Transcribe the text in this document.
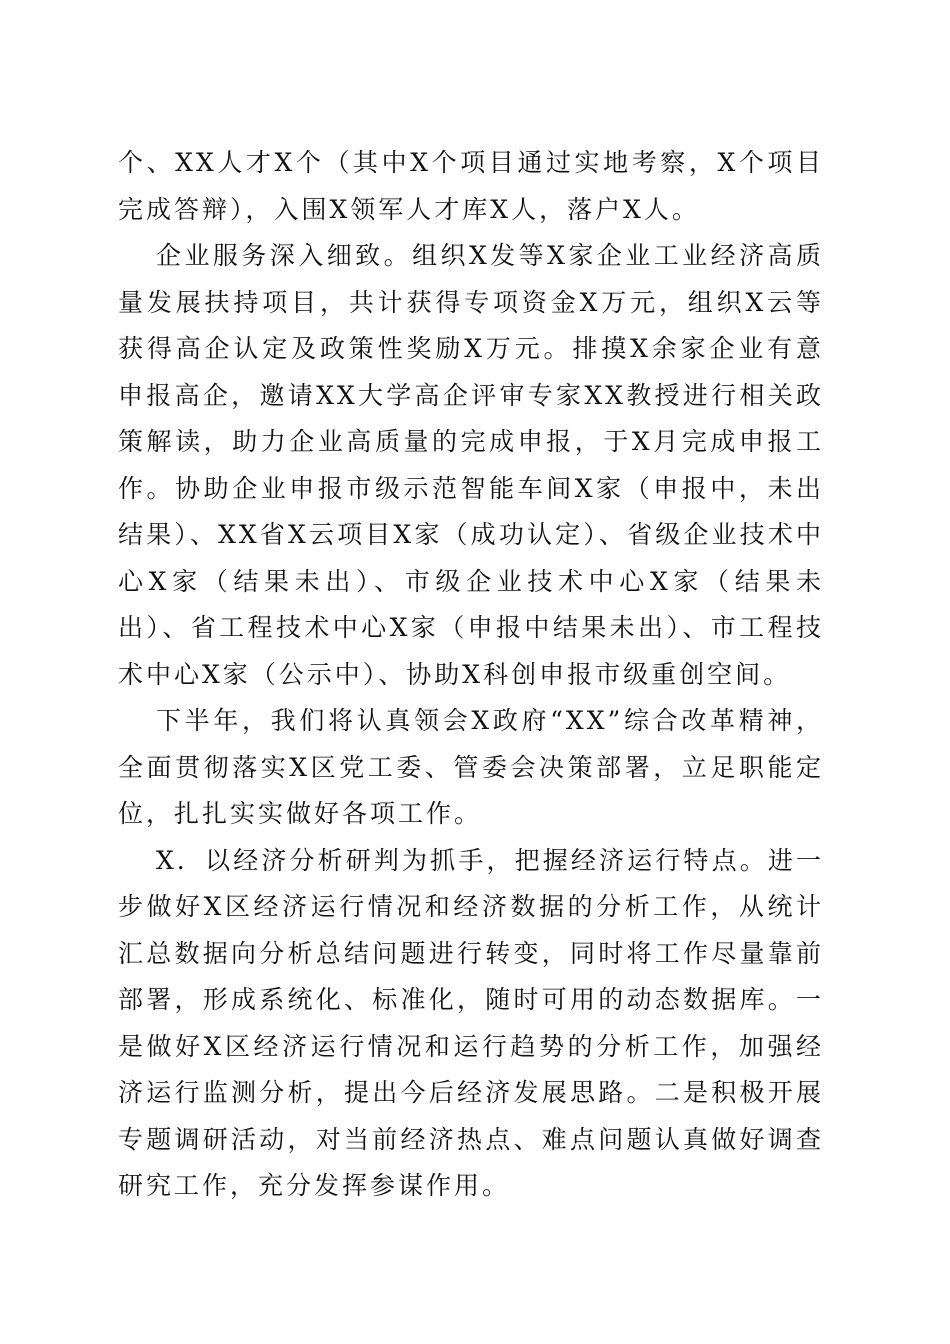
个、XX人才X个（其中X个项目通过实地考察，X个项目完成答辩），入围X领军人才库X人，落户X人。

企业服务深入细致。组织X发等X家企业工业经济高质量发展扶持项目，共计获得专项资金X万元，组织X云等获得高企认定及政策性奖励X万元。排摸X余家企业有意申报高企，邀请XX大学高企评审专家XX教授进行相关政策解读，助力企业高质量的完成申报，于X月完成申报工作。协助企业申报市级示范智能车间X家（申报中，未出结果）、XX省X云项目X家（成功认定）、省级企业技术中心X家（结果未出）、市级企业技术中心X家（结果未出）、省工程技术中心X家（申报中结果未出）、市工程技术中心X家（公示中）、协助X科创申报市级重创空间。

下半年，我们将认真领会X政府“XX”综合改革精神，全面贯彻落实X区党工委、管委会决策部署，立足职能定位，扎扎实实做好各项工作。

X．以经济分析研判为抓手，把握经济运行特点。进一步做好X区经济运行情况和经济数据的分析工作，从统计汇总数据向分析总结问题进行转变，同时将工作尽量靠前部署，形成系统化、标准化，随时可用的动态数据库。一是做好X区经济运行情况和运行趋势的分析工作，加强经济运行监测分析，提出今后经济发展思路。二是积极开展专题调研活动，对当前经济热点、难点问题认真做好调查研究工作，充分发挥参谋作用。
